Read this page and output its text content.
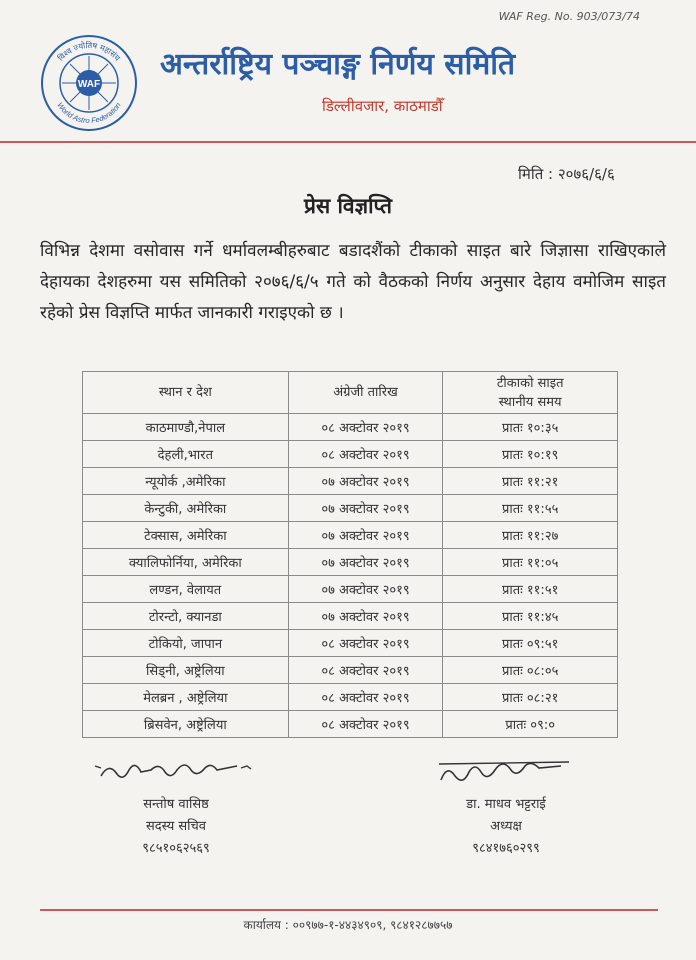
WAF Reg. No. 903/073/74
WAF
विश्व ज्योतिष महासंघ
World Astro Federation
अन्तर्राष्ट्रिय पञ्चाङ्ग निर्णय समिति
डिल्लीवजार, काठमाडौँ
मिति : २०७६/६/६
प्रेस विज्ञप्ति
विभिन्न देशमा वसोवास गर्ने धर्मावलम्बीहरुबाट बडादशैंको टीकाको साइत बारे जिज्ञासा राखिएकाले देहायका देशहरुमा यस समितिको २०७६/६/५ गते को वैठकको निर्णय अनुसार देहाय वमोजिम साइत रहेको प्रेस विज्ञप्ति मार्फत जानकारी गराइएको छ ।
स्थान र देश	अंग्रेजी तारिख	टीकाको साइत
स्थानीय समय

काठमाण्डौ,नेपाल	०८ अक्टोवर २०१९	प्रातः १०:३५
देहली,भारत	०८ अक्टोवर २०१९	प्रातः १०:१९
न्यूयोर्क ,अमेरिका	०७ अक्टोवर २०१९	प्रातः ११:२१
केन्टुकी, अमेरिका	०७ अक्टोवर २०१९	प्रातः ११:५५
टेक्सास, अमेरिका	०७ अक्टोवर २०१९	प्रातः ११:२७
क्यालिफोर्निया, अमेरिका	०७ अक्टोवर २०१९	प्रातः ११:०५
लण्डन, वेलायत	०७ अक्टोवर २०१९	प्रातः ११:५१
टोरन्टो, क्यानडा	०७ अक्टोवर २०१९	प्रातः ११:४५
टोकियो, जापान	०८ अक्टोवर २०१९	प्रातः ०९:५१
सिड्नी, अष्ट्रेलिया	०८ अक्टोवर २०१९	प्रातः ०८:०५
मेलब्रन , अष्ट्रेलिया	०८ अक्टोवर २०१९	प्रातः ०८:२१
ब्रिसवेन, अष्ट्रेलिया	०८ अक्टोवर २०१९	प्रातः ०९:०
सन्तोष वासिष्ठ
सदस्य सचिव
९८५१०६२५६९
डा. माधव भट्टराई
अध्यक्ष
९८४१७६०२९९
कार्यालय : ००९७७-१-४४३४९०९, ९८४१२८७७५७
